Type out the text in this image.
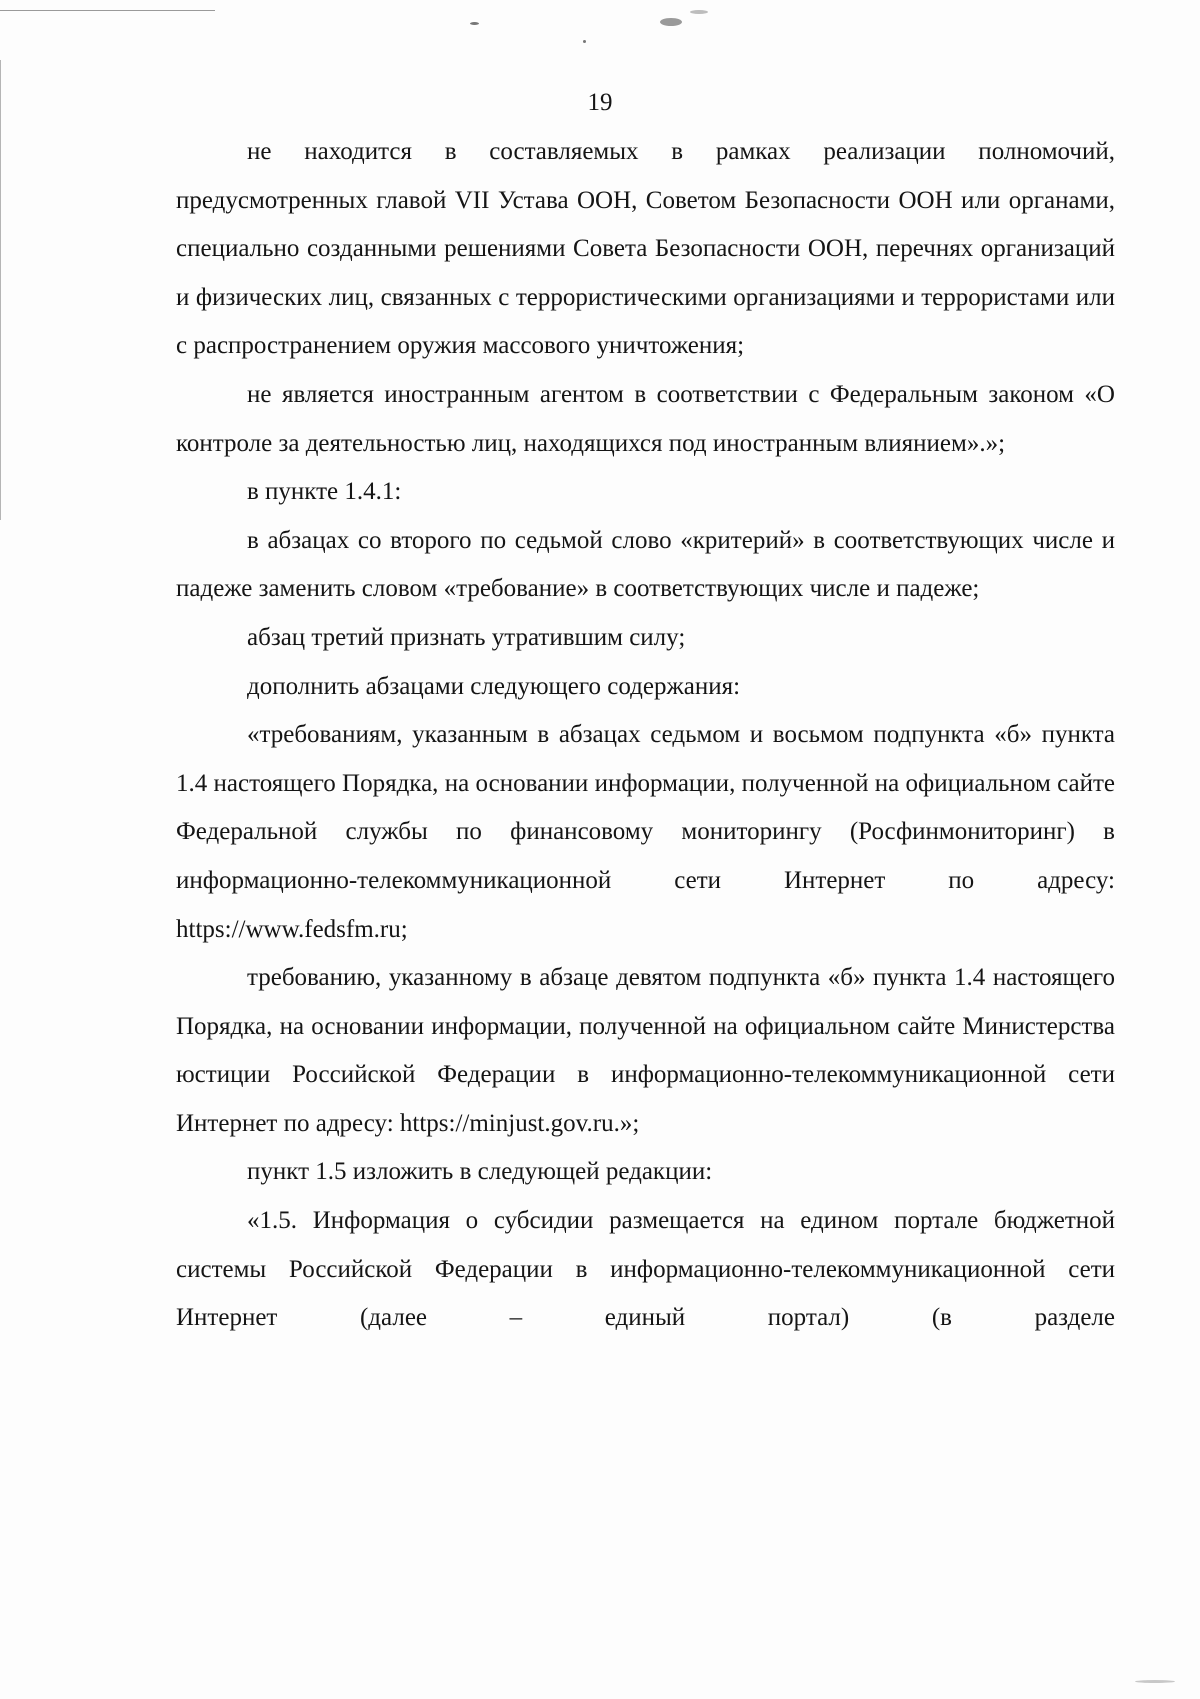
19

не находится в составляемых в рамках реализации полномочий, предусмотренных главой VII Устава ООН, Советом Безопасности ООН или органами, специально созданными решениями Совета Безопасности ООН, перечнях организаций и физических лиц, связанных с террористическими организациями и террористами или с распространением оружия массового уничтожения;

не является иностранным агентом в соответствии с Федеральным законом «О контроле за деятельностью лиц, находящихся под иностранным влиянием».»;

в пункте 1.4.1:

в абзацах со второго по седьмой слово «критерий» в соответствующих числе и падеже заменить словом «требование» в соответствующих числе и падеже;

абзац третий признать утратившим силу;

дополнить абзацами следующего содержания:

«требованиям, указанным в абзацах седьмом и восьмом подпункта «б» пункта 1.4 настоящего Порядка, на основании информации, полученной на официальном сайте Федеральной службы по финансовому мониторингу (Росфинмониторинг) в информационно-телекоммуникационной сети Интернет по адресу: https://www.fedsfm.ru;

требованию, указанному в абзаце девятом подпункта «б» пункта 1.4 настоящего Порядка, на основании информации, полученной на официальном сайте Министерства юстиции Российской Федерации в информационно-телекоммуникационной сети Интернет по адресу: https://minjust.gov.ru.»;

пункт 1.5 изложить в следующей редакции:

«1.5. Информация о субсидии размещается на едином портале бюджетной системы Российской Федерации в информационно-телекоммуникационной сети Интернет (далее – единый портал) (в разделе
